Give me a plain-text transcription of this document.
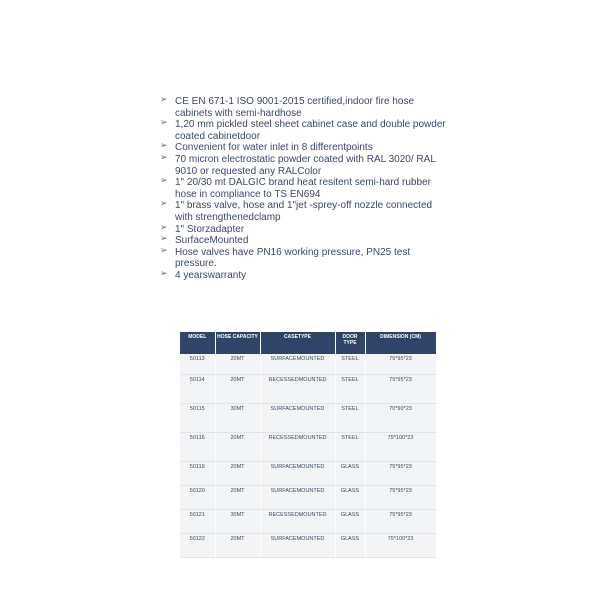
➢ CE EN 671-1 ISO 9001-2015 certified,indoor fire hose cabinets with semi-hardhose
➢ 1,20 mm pickled steel sheet cabinet case and double powder coated cabinetdoor
➢ Convenient for water inlet in 8 differentpoints
➢ 70 micron electrostatic powder coated with RAL 3020/ RAL 9010 or requested any RALColor
➢ 1" 20/30 mt DALGIC brand heat resitent semi-hard rubber hose in compliance to TS EN694
➢ 1" brass valve, hose and 1"jet -sprey-off nozzle connected with strengthenedclamp
➢ 1" Storzadapter
➢ SurfaceMounted
➢ Hose valves have PN16 working pressure, PN25 test pressure.
➢ 4 yearswarranty
MODEL	HOSE CAPACITY	CASETYPE	DOOR TYPE	DIMENSION (CM)
50113	20MT	SURFACEMOUNTED	STEEL	75*95*23
50114	20MT	RECESSEDMOUNTED	STEEL	75*95*23
50115	30MT	SURFACEMOUNTED	STEEL	70*90*23
50116	20MT	RECESSEDMOUNTED	STEEL	75*100*23
50119	20MT	SURFACEMOUNTED	GLASS	75*95*23
50120	20MT	SURFACEMOUNTED	GLASS	75*95*23
50121	30MT	RECESSEDMOUNTED	GLASS	75*95*23
50122	20MT	SURFACEMOUNTED	GLASS	75*100*23
